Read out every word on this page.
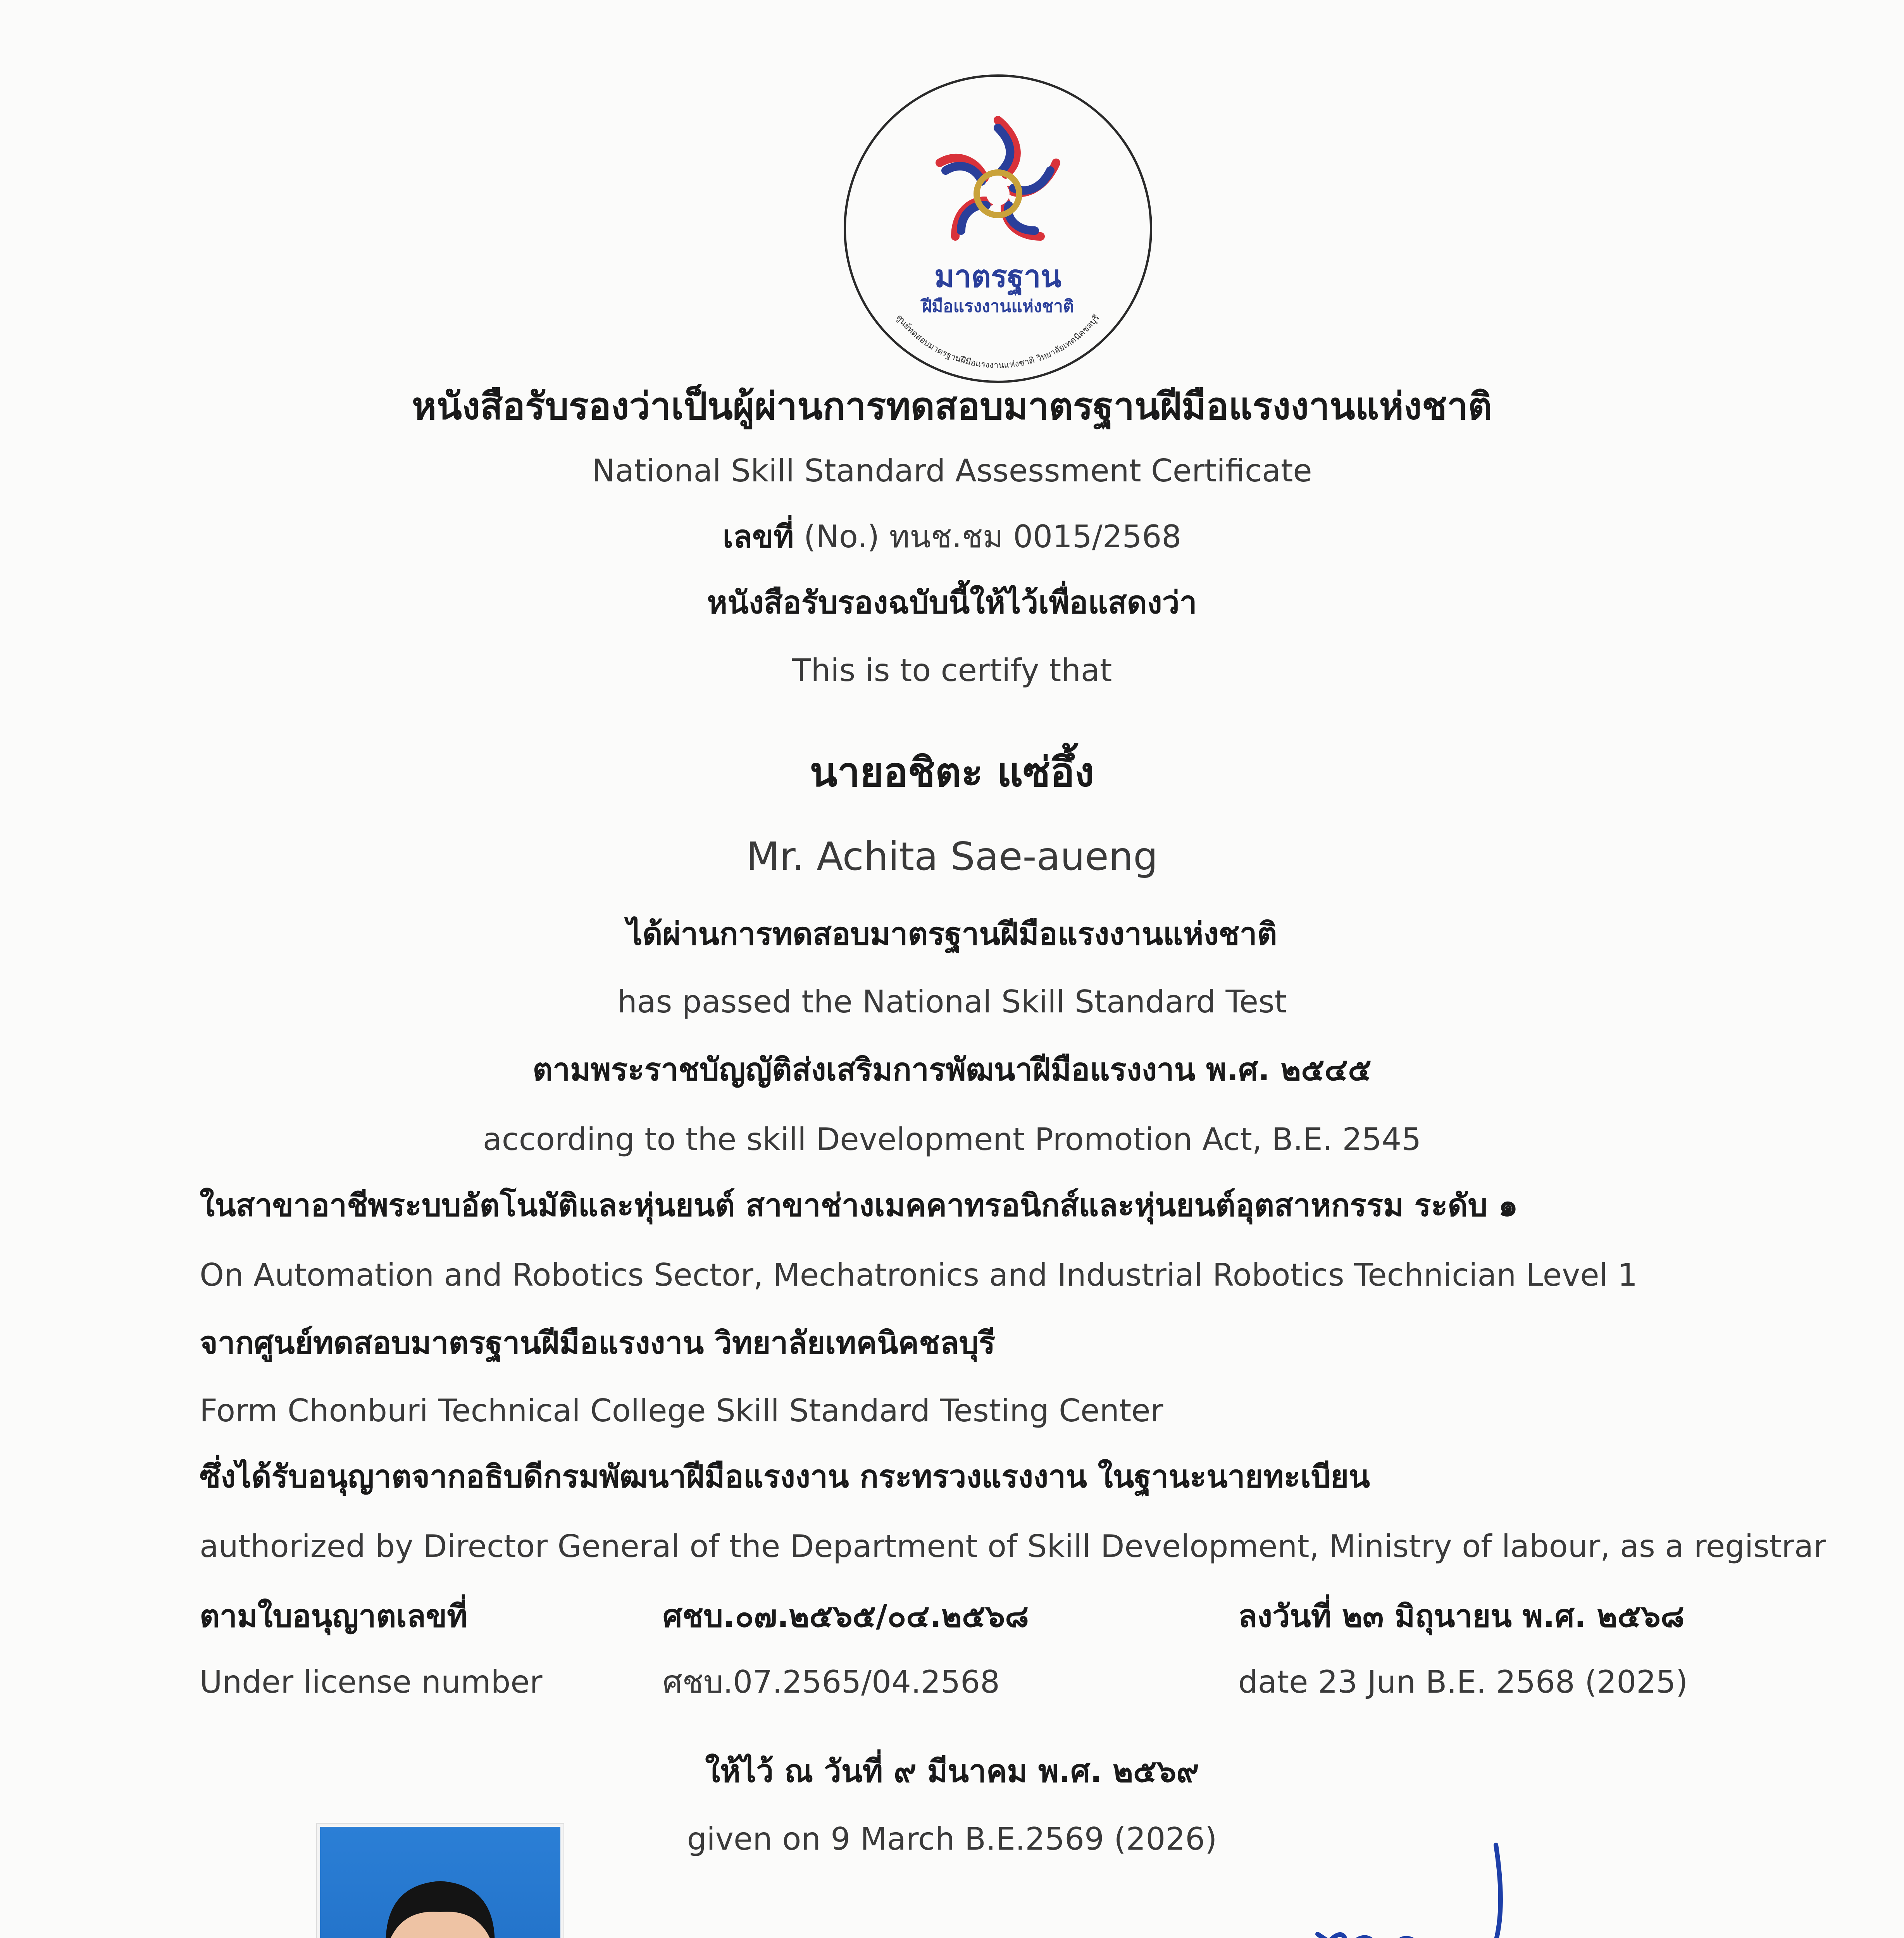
มาตรฐาน
ฝีมือแรงงานแห่งชาติ
ศูนย์ทดสอบมาตรฐานฝีมือแรงงานแห่งชาติ วิทยาลัยเทคนิคชลบุรี
หนังสือรับรองว่าเป็นผู้ผ่านการทดสอบมาตรฐานฝีมือแรงงานแห่งชาติ
National Skill Standard Assessment Certificate
เลขที่ (No.) ทนช.ชม 0015/2568
หนังสือรับรองฉบับนี้ให้ไว้เพื่อแสดงว่า
This is to certify that
นายอชิตะ แซ่อึ้ง
Mr. Achita Sae-aueng
ได้ผ่านการทดสอบมาตรฐานฝีมือแรงงานแห่งชาติ
has passed the National Skill Standard Test
ตามพระราชบัญญัติส่งเสริมการพัฒนาฝีมือแรงงาน พ.ศ. ๒๕๔๕
according to the skill Development Promotion Act, B.E. 2545
ในสาขาอาชีพระบบอัตโนมัติและหุ่นยนต์ สาขาช่างเมคคาทรอนิกส์และหุ่นยนต์อุตสาหกรรม ระดับ ๑
On Automation and Robotics Sector, Mechatronics and Industrial Robotics Technician Level 1
จากศูนย์ทดสอบมาตรฐานฝีมือแรงงาน วิทยาลัยเทคนิคชลบุรี
Form Chonburi Technical College Skill Standard Testing Center
ซึ่งได้รับอนุญาตจากอธิบดีกรมพัฒนาฝีมือแรงงาน กระทรวงแรงงาน ในฐานะนายทะเบียน
authorized by Director General of the Department of Skill Development, Ministry of labour, as a registrar
ตามใบอนุญาตเลขที่	ศชบ.๐๗.๒๕๖๕/๐๔.๒๕๖๘	ลงวันที่ ๒๓ มิถุนายน พ.ศ. ๒๕๖๘
Under license number	ศชบ.07.2565/04.2568	date 23 Jun B.E. 2568 (2025)
ให้ไว้ ณ วันที่ ๙ มีนาคม พ.ศ. ๒๕๖๙
given on 9 March B.E.2569 (2026)
